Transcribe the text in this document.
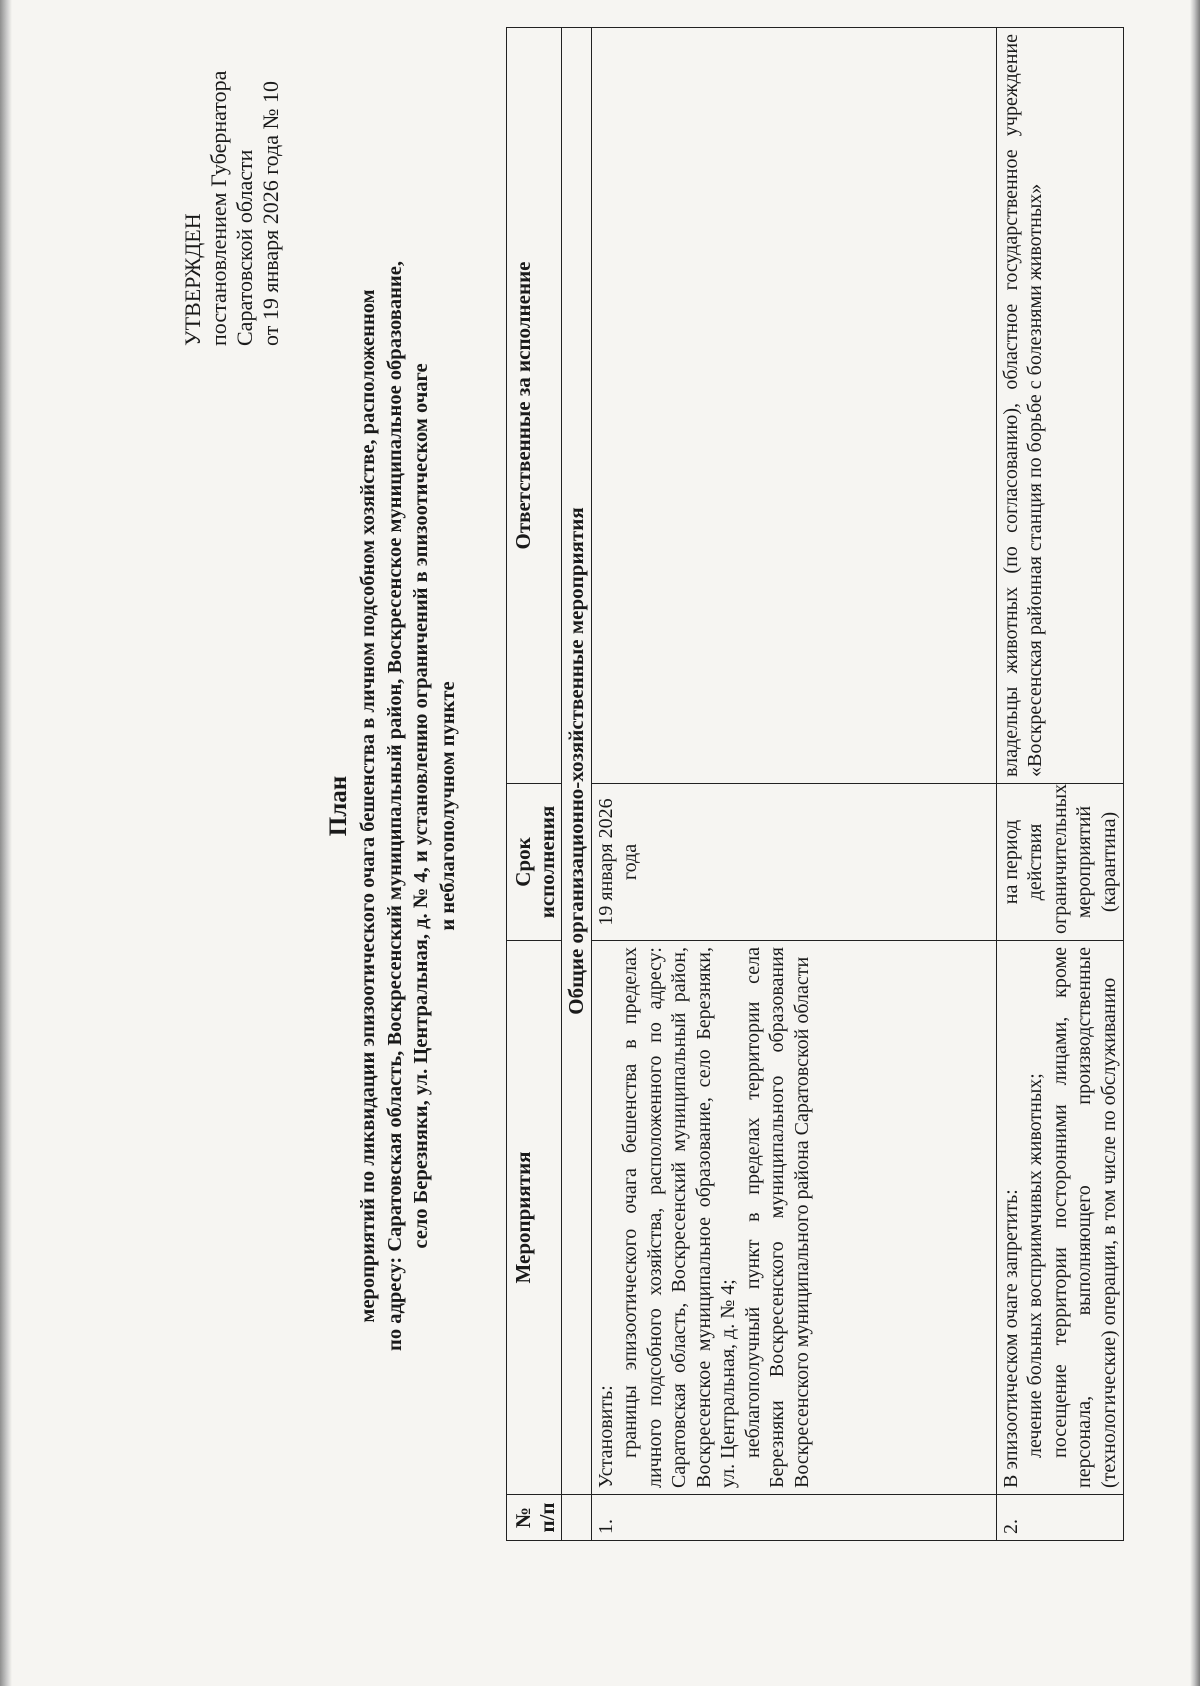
УТВЕРЖДЕН постановлением Губернатора Саратовской области от 19 января 2026 года № 10
План мероприятий по ликвидации эпизоотического очага бешенства в личном подсобном хозяйстве, расположенном по адресу: Саратовская область, Воскресенский муниципальный район, Воскресенское муниципальное образование, село Березняки, ул. Центральная, д. № 4, и установлению ограничений в эпизоотическом очаге и неблагополучном пункте
№ п/п	Мероприятия	Срок исполнения	Ответственные за исполнение
	Общие организационно-хозяйственные мероприятия		
1.	Установить: границы эпизоотического очага бешенства в пределах личного подсобного хозяйства, расположенного по адресу: Саратовская область, Воскресенский муниципальный район, Воскресенское муниципальное образование, село Березняки, ул. Центральная, д. № 4; неблагополучный пункт в пределах территории села Березняки Воскресенского муниципального образования Воскресенского муниципального района Саратовской области	19 января 2026 года	
2.	В эпизоотическом очаге запретить: лечение больных восприимчивых животных; посещение территории посторонними лицами, кроме персонала, выполняющего производственные (технологические) операции, в том числе по обслуживанию	на период действия ограничительных мероприятий (карантина)	владельцы животных (по согласованию), областное государственное учреждение «Воскресенская районная станция по борьбе с болезнями животных»
